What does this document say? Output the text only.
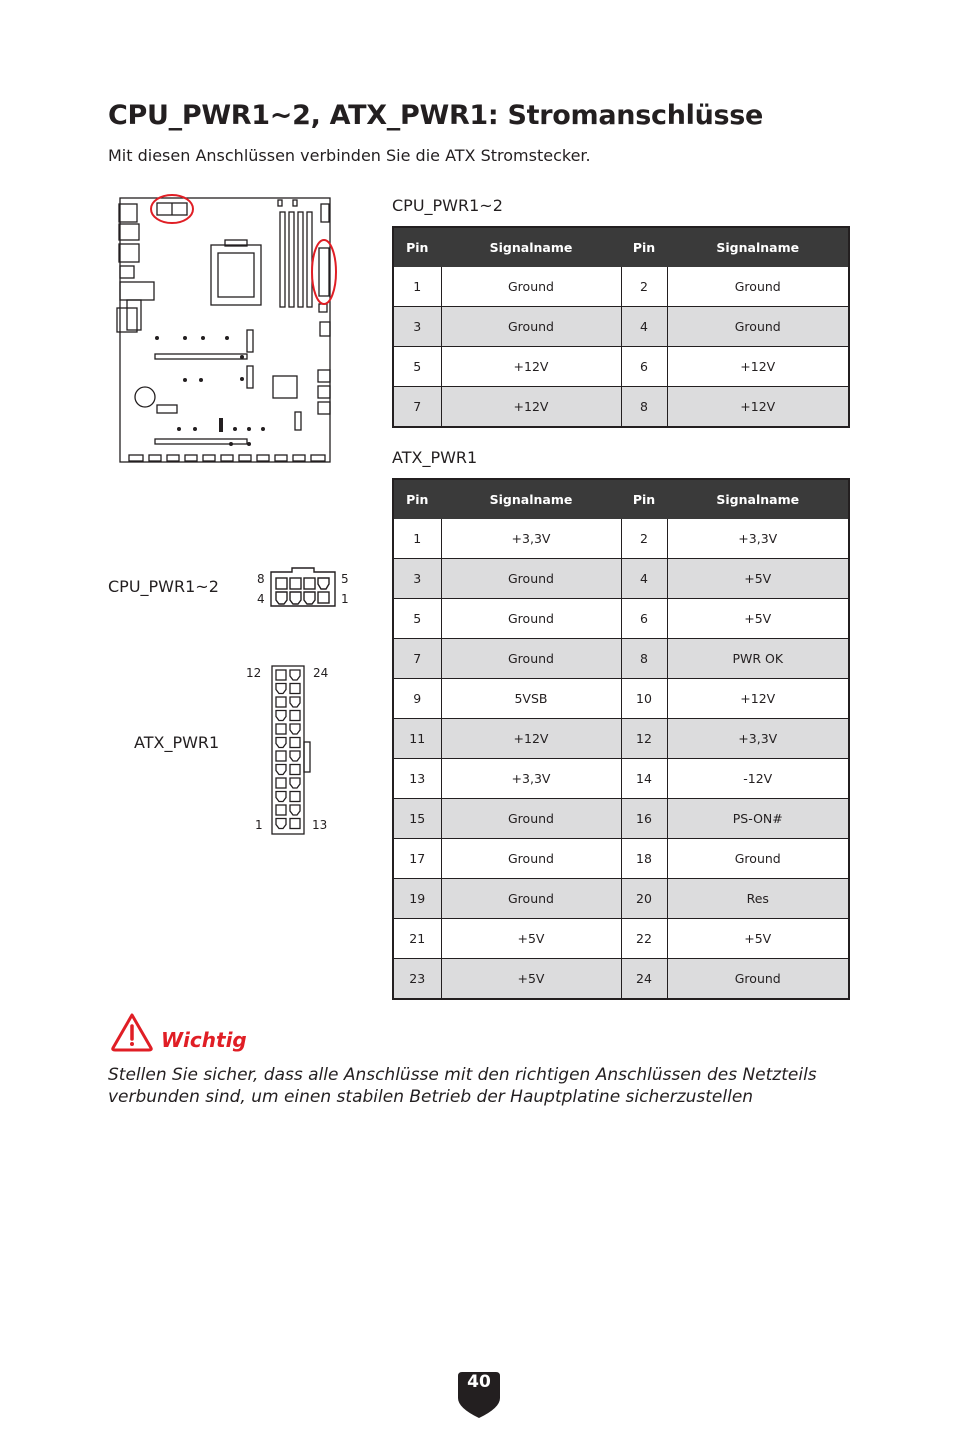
CPU_PWR1~2, ATX_PWR1: Stromanschlüsse
Mit diesen Anschlüssen verbinden Sie die ATX Stromstecker.
CPU_PWR1~2
Pin	Signalname	Pin	Signalname
1	Ground	2	Ground
3	Ground	4	Ground
5	+12V	6	+12V
7	+12V	8	+12V
ATX_PWR1
Pin	Signalname	Pin	Signalname
1	+3,3V	2	+3,3V
3	Ground	4	+5V
5	Ground	6	+5V
7	Ground	8	PWR OK
9	5VSB	10	+12V
11	+12V	12	+3,3V
13	+3,3V	14	-12V
15	Ground	16	PS-ON#
17	Ground	18	Ground
19	Ground	20	Res
21	+5V	22	+5V
23	+5V	24	Ground
CPU_PWR1~2	8
4
5
1
ATX_PWR1
12	24
1	13
Wichtig
Stellen Sie sicher, dass alle Anschlüsse mit den richtigen Anschlüssen des Netzteils verbunden sind, um einen stabilen Betrieb der Hauptplatine sicherzustellen
40
